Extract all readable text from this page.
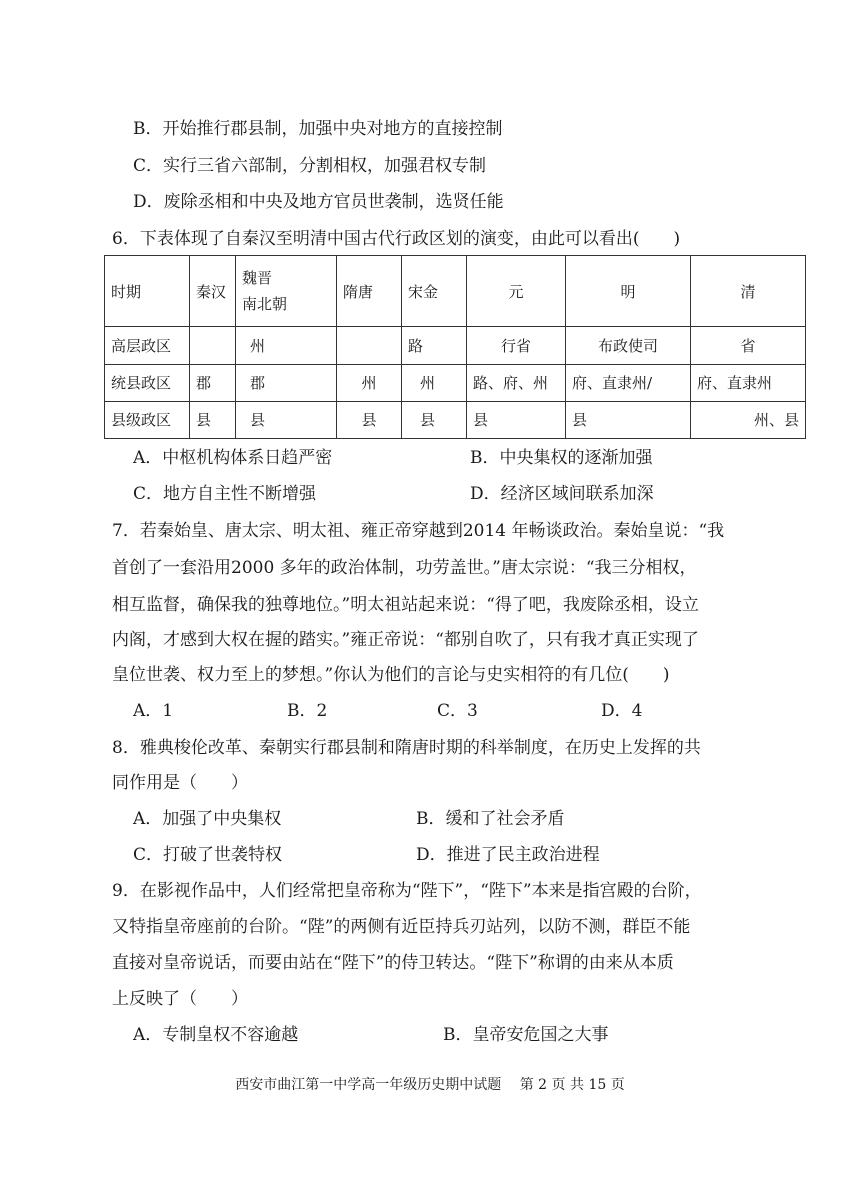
B．开始推行郡县制，加强中央对地方的直接控制
C．实行三省六部制，分割相权，加强君权专制
D．废除丞相和中央及地方官员世袭制，选贤任能
6．下表体现了自秦汉至明清中国古代行政区划的演变，由此可以看出(　　)
时期	秦汉	魏晋
南北朝	隋唐	宋金	元	明	清
高层政区		州		路	行省	布政使司	省
统县政区	郡	郡	州	州	路、府、州	府、直隶州/	府、直隶州
县级政区	县	县	县	县	县	县	州、县
A．中枢机构体系日趋严密	B．中央集权的逐渐加强
C．地方自主性不断增强	D．经济区域间联系加深
7．若秦始皇、唐太宗、明太祖、雍正帝穿越到2014 年畅谈政治。秦始皇说：“我
首创了一套沿用2000 多年的政治体制，功劳盖世。”唐太宗说：“我三分相权，
相互监督，确保我的独尊地位。”明太祖站起来说：“得了吧，我废除丞相，设立
内阁，才感到大权在握的踏实。”雍正帝说：“都别自吹了，只有我才真正实现了
皇位世袭、权力至上的梦想。”你认为他们的言论与史实相符的有几位(　　)
A．1	B．2	C．3	D．4
8．雅典梭伦改革、秦朝实行郡县制和隋唐时期的科举制度，在历史上发挥的共
同作用是（　　）
A．加强了中央集权	B．缓和了社会矛盾
C．打破了世袭特权	D．推进了民主政治进程
9．在影视作品中，人们经常把皇帝称为“陛下”，“陛下”本来是指宫殿的台阶，
又特指皇帝座前的台阶。“陛”的两侧有近臣持兵刃站列，以防不测，群臣不能
直接对皇帝说话，而要由站在“陛下”的侍卫转达。“陛下”称谓的由来从本质
上反映了（　　）
A．专制皇权不容逾越	B．皇帝安危国之大事
西安市曲江第一中学高一年级历史期中试题　 第 2 页 共 15 页
